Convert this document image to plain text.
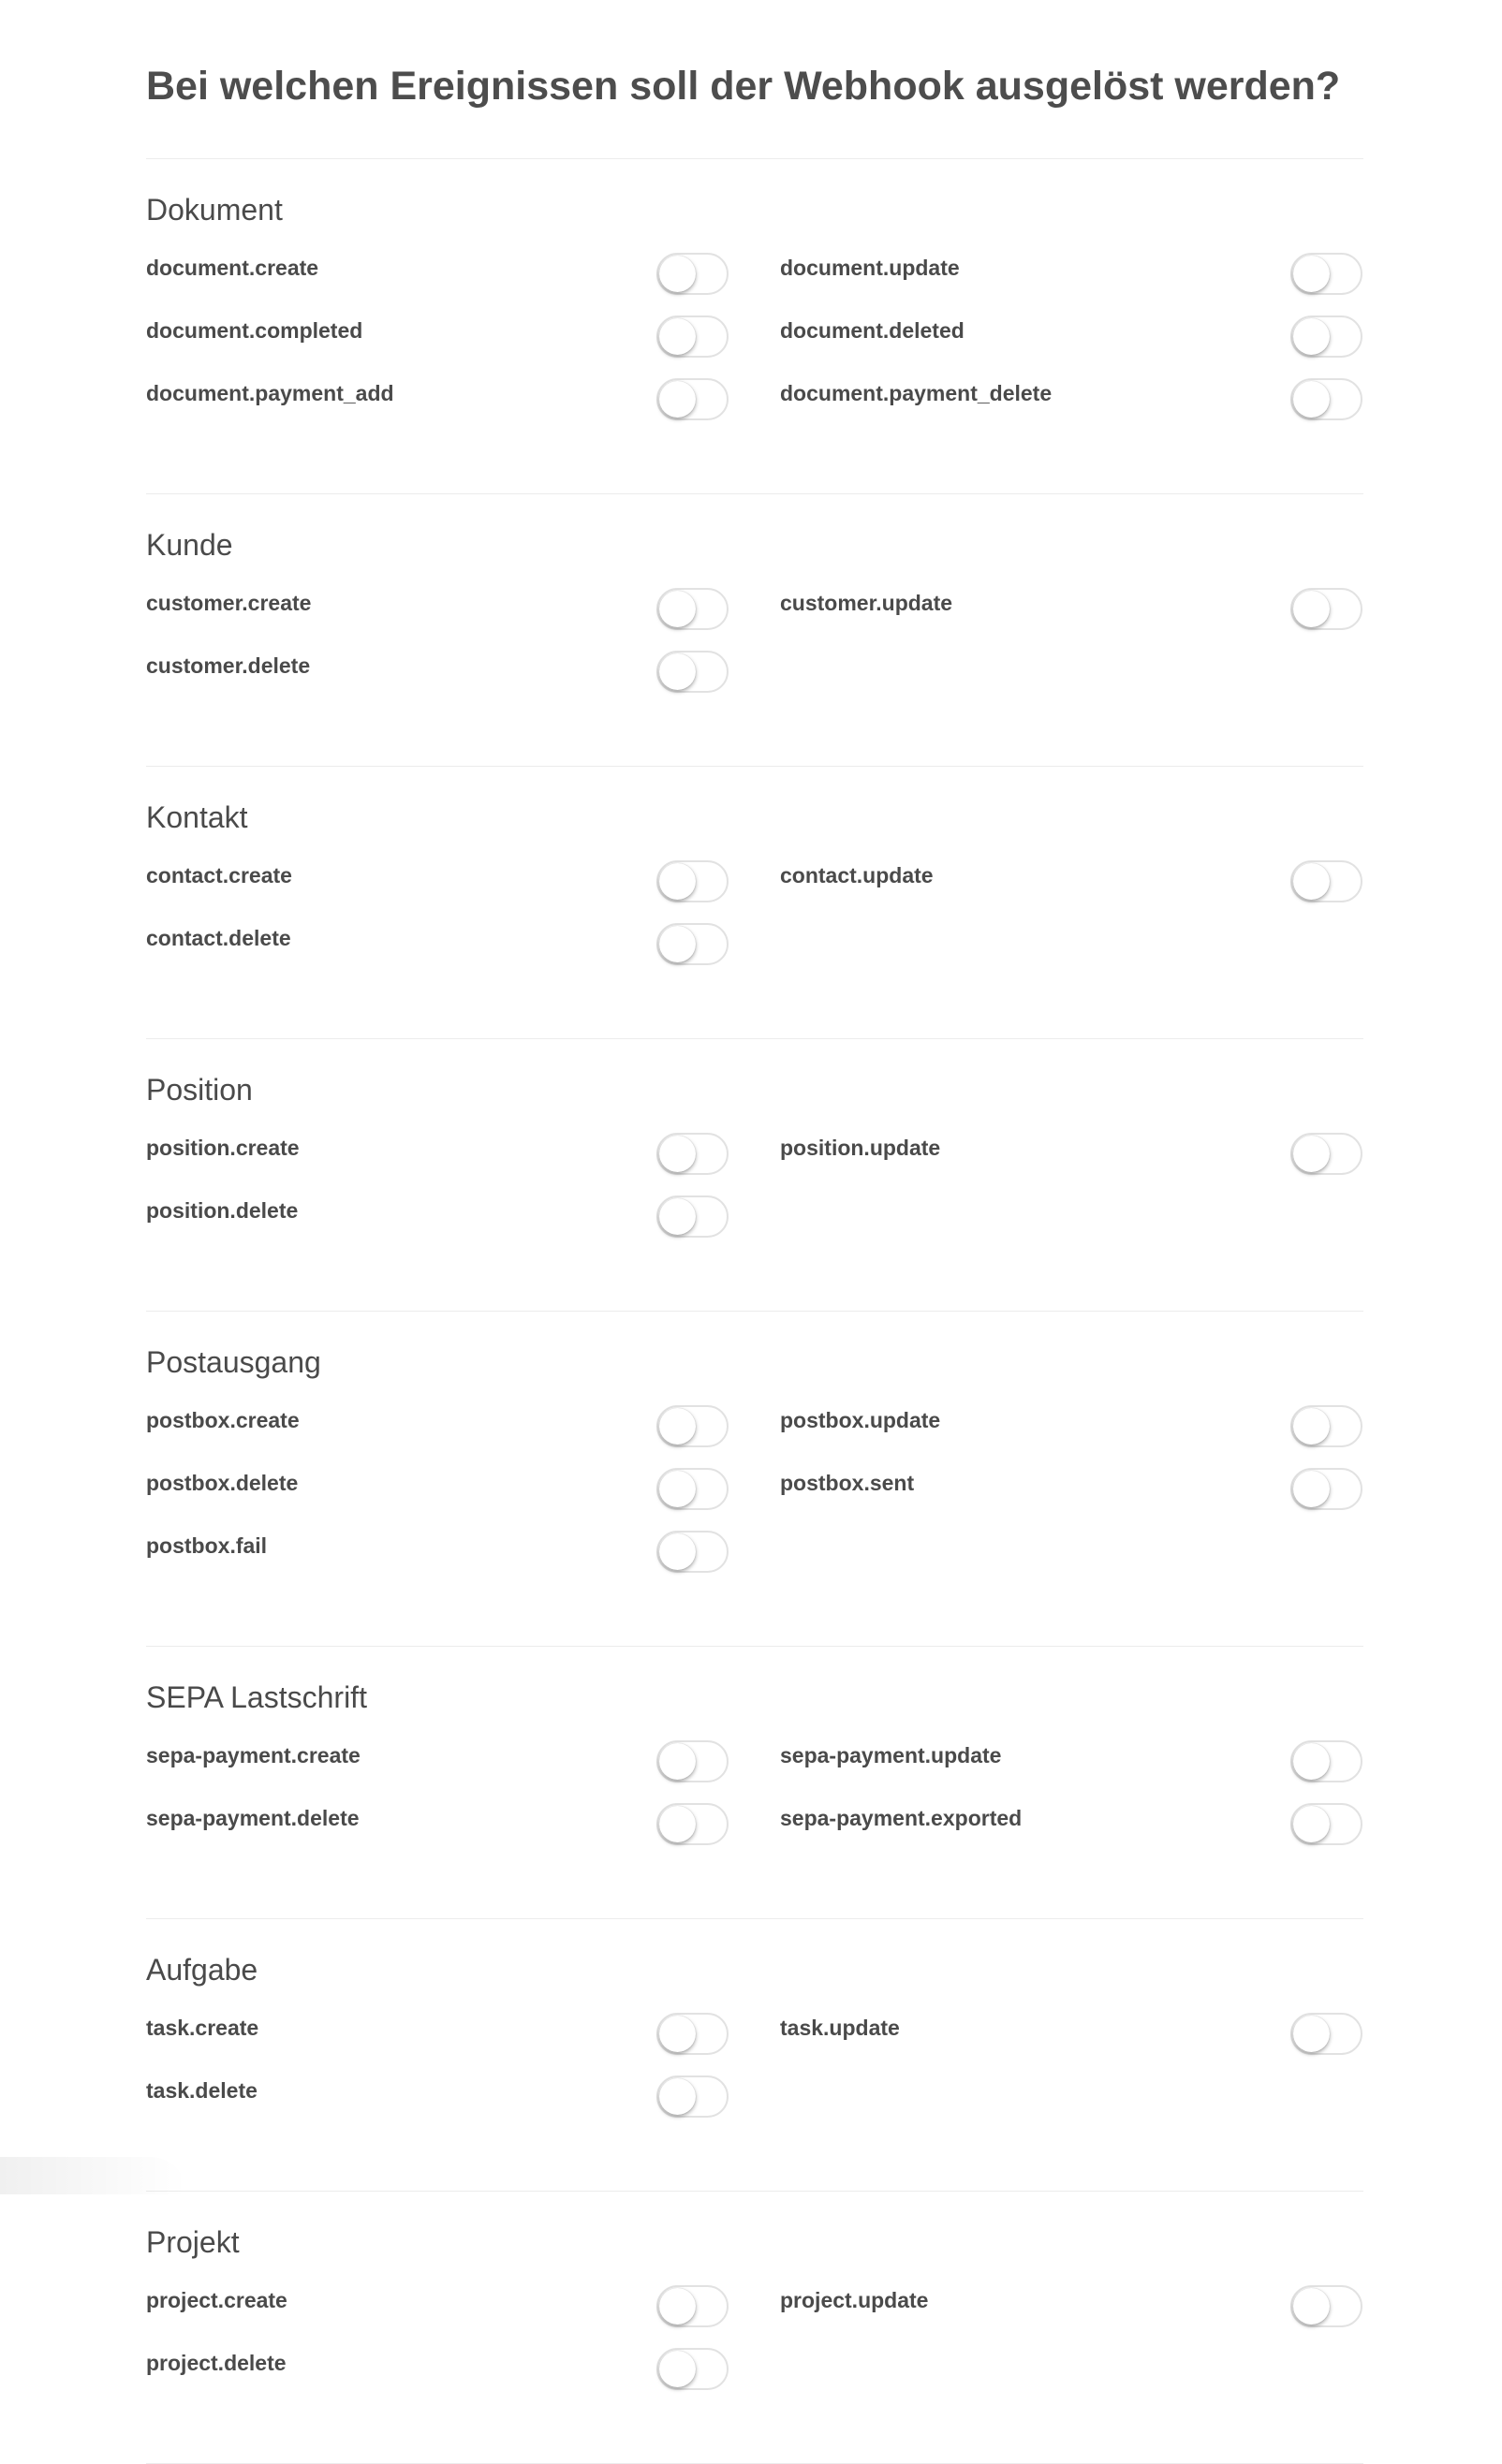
Bei welchen Ereignissen soll der Webhook ausgelöst werden?
Dokument
document.create	document.update
document.completed	document.deleted
document.payment_add	document.payment_delete
Kunde
customer.create	customer.update
customer.delete
Kontakt
contact.create	contact.update
contact.delete
Position
position.create	position.update
position.delete
Postausgang
postbox.create	postbox.update
postbox.delete	postbox.sent
postbox.fail
SEPA Lastschrift
sepa-payment.create	sepa-payment.update
sepa-payment.delete	sepa-payment.exported
Aufgabe
task.create	task.update
task.delete
Projekt
project.create	project.update
project.delete
